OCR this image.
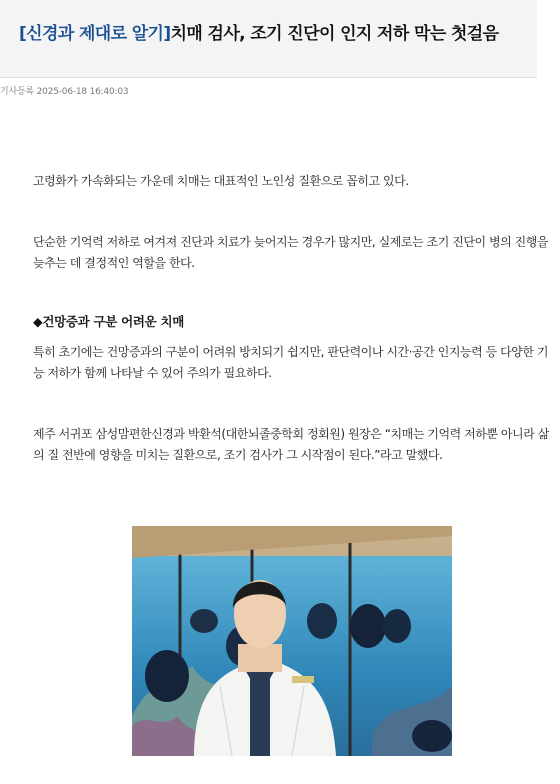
[신경과 제대로 알기]치매 검사, 조기 진단이 인지 저하 막는 첫걸음
기사등록 2025-06-18 16:40:03

고령화가 가속화되는 가운데 치매는 대표적인 노인성 질환으로 꼽히고 있다.

단순한 기억력 저하로 여겨져 진단과 치료가 늦어지는 경우가 많지만, 실제로는 조기 진단이 병의 진행을 늦추는 데 결정적인 역할을 한다.

◆건망증과 구분 어려운 치매

특히 초기에는 건망증과의 구분이 어려워 방치되기 쉽지만, 판단력이나 시간·공간 인지능력 등 다양한 기능 저하가 함께 나타날 수 있어 주의가 필요하다.

제주 서귀포 삼성맘편한신경과 박환석(대한뇌졸중학회 정회원) 원장은 “치매는 기억력 저하뿐 아니라 삶의 질 전반에 영향을 미치는 질환으로, 조기 검사가 그 시작점이 된다.”라고 말했다.
